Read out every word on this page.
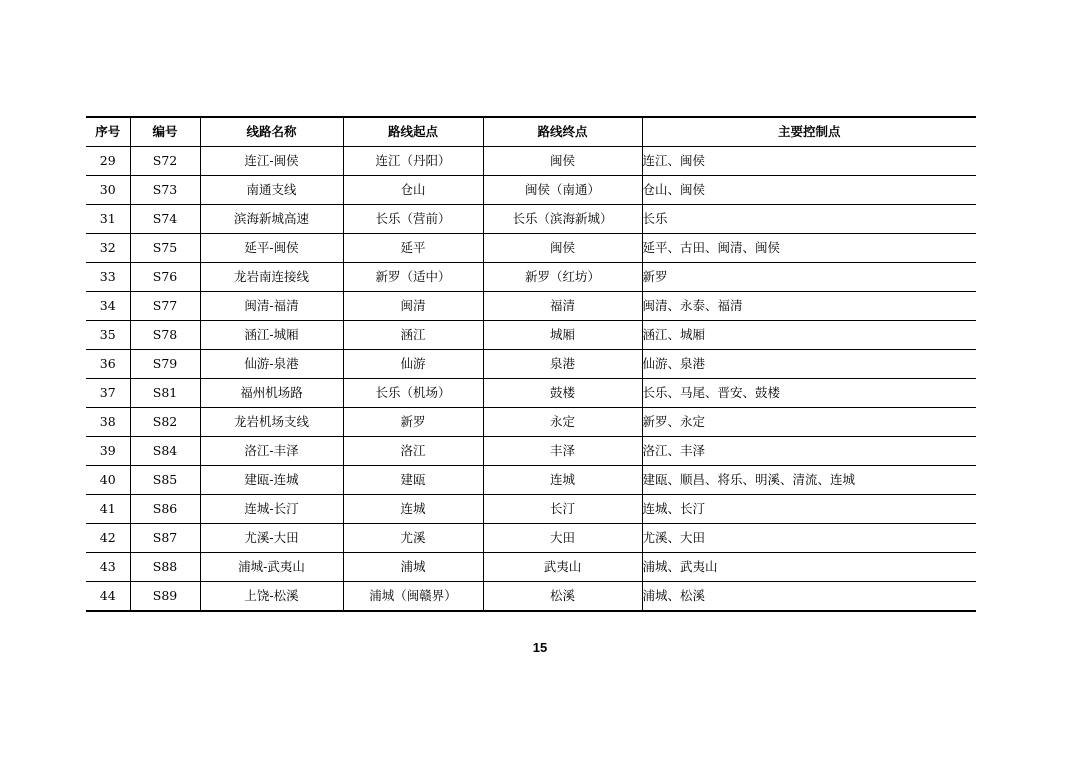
序号	编号	线路名称	路线起点	路线终点	主要控制点
29	S72	连江-闽侯	连江（丹阳）	闽侯	连江、闽侯
30	S73	南通支线	仓山	闽侯（南通）	仓山、闽侯
31	S74	滨海新城高速	长乐（营前）	长乐（滨海新城）	长乐
32	S75	延平-闽侯	延平	闽侯	延平、古田、闽清、闽侯
33	S76	龙岩南连接线	新罗（适中）	新罗（红坊）	新罗
34	S77	闽清-福清	闽清	福清	闽清、永泰、福清
35	S78	涵江-城厢	涵江	城厢	涵江、城厢
36	S79	仙游-泉港	仙游	泉港	仙游、泉港
37	S81	福州机场路	长乐（机场）	鼓楼	长乐、马尾、晋安、鼓楼
38	S82	龙岩机场支线	新罗	永定	新罗、永定
39	S84	洛江-丰泽	洛江	丰泽	洛江、丰泽
40	S85	建瓯-连城	建瓯	连城	建瓯、顺昌、将乐、明溪、清流、连城
41	S86	连城-长汀	连城	长汀	连城、长汀
42	S87	尤溪-大田	尤溪	大田	尤溪、大田
43	S88	浦城-武夷山	浦城	武夷山	浦城、武夷山
44	S89	上饶-松溪	浦城（闽赣界）	松溪	浦城、松溪
15
